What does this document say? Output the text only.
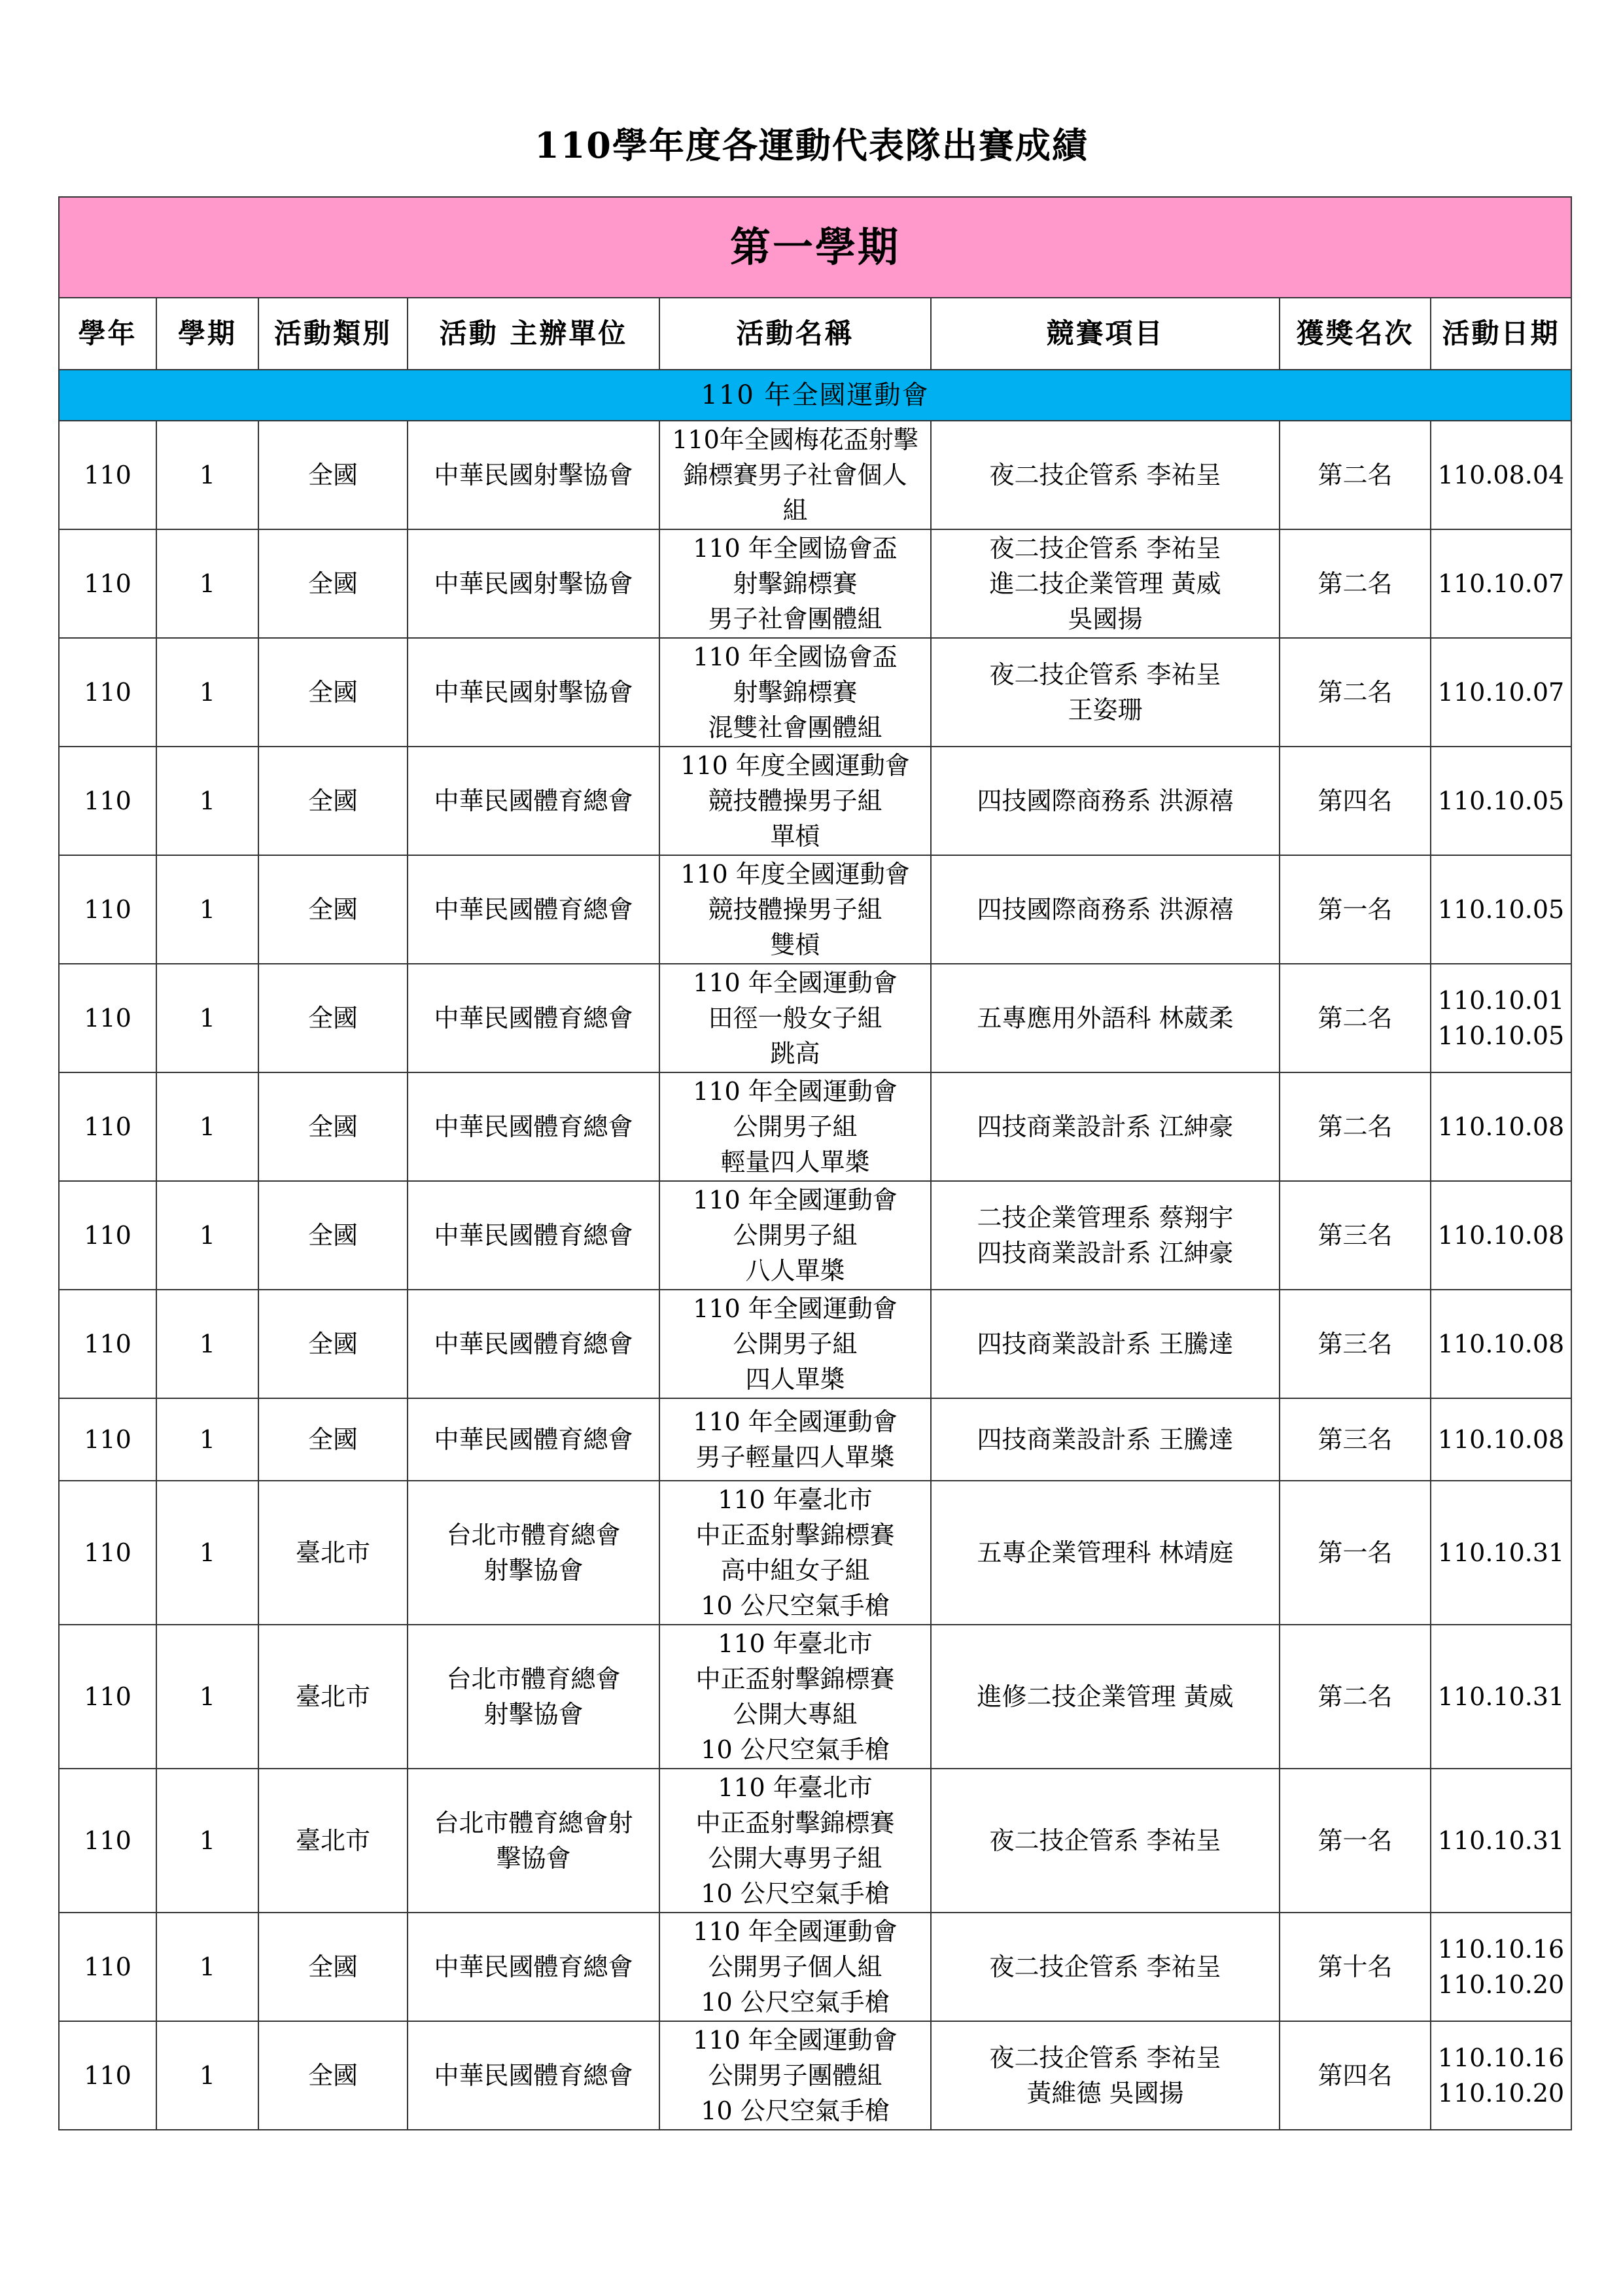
110學年度各運動代表隊出賽成績
第一學期							
學年	學期	活動類別	活動 主辦單位	活動名稱	競賽項目	獲獎名次	活動日期
110 年全國運動會							
110	1	全國	中華民國射擊協會	110年全國梅花盃射擊
錦標賽男子社會個人
組	夜二技企管系 李祐呈	第二名	110.08.04

110	1	全國	中華民國射擊協會	110 年全國協會盃
射擊錦標賽
男子社會團體組	夜二技企管系 李祐呈
進二技企業管理 黃威
吳國揚	第二名	110.10.07

110	1	全國	中華民國射擊協會	110 年全國協會盃
射擊錦標賽
混雙社會團體組	夜二技企管系 李祐呈
王姿珊	第二名	110.10.07

110	1	全國	中華民國體育總會	110 年度全國運動會
競技體操男子組
單槓	四技國際商務系 洪源禧	第四名	110.10.05

110	1	全國	中華民國體育總會	110 年度全國運動會
競技體操男子組
雙槓	四技國際商務系 洪源禧	第一名	110.10.05

110	1	全國	中華民國體育總會	110 年全國運動會
田徑一般女子組
跳高	五專應用外語科 林葳柔	第二名	110.10.01
110.10.05

110	1	全國	中華民國體育總會	110 年全國運動會
公開男子組
輕量四人單槳	四技商業設計系 江紳豪	第二名	110.10.08

110	1	全國	中華民國體育總會	110 年全國運動會
公開男子組
八人單槳	二技企業管理系 蔡翔宇
四技商業設計系 江紳豪	第三名	110.10.08

110	1	全國	中華民國體育總會	110 年全國運動會
公開男子組
四人單槳	四技商業設計系 王騰達	第三名	110.10.08

110	1	全國	中華民國體育總會	110 年全國運動會
男子輕量四人單槳	四技商業設計系 王騰達	第三名	110.10.08

110	1	臺北市	台北市體育總會
射擊協會	110 年臺北市
中正盃射擊錦標賽
高中組女子組
10 公尺空氣手槍	五專企業管理科 林靖庭	第一名	110.10.31

110	1	臺北市	台北市體育總會
射擊協會	110 年臺北市
中正盃射擊錦標賽
公開大專組
10 公尺空氣手槍	進修二技企業管理 黃威	第二名	110.10.31

110	1	臺北市	台北市體育總會射
擊協會	110 年臺北市
中正盃射擊錦標賽
公開大專男子組
10 公尺空氣手槍	夜二技企管系 李祐呈	第一名	110.10.31

110	1	全國	中華民國體育總會	110 年全國運動會
公開男子個人組
10 公尺空氣手槍	夜二技企管系 李祐呈	第十名	110.10.16
110.10.20

110	1	全國	中華民國體育總會	110 年全國運動會
公開男子團體組
10 公尺空氣手槍	夜二技企管系 李祐呈
黃維德 吳國揚	第四名	110.10.16
110.10.20
